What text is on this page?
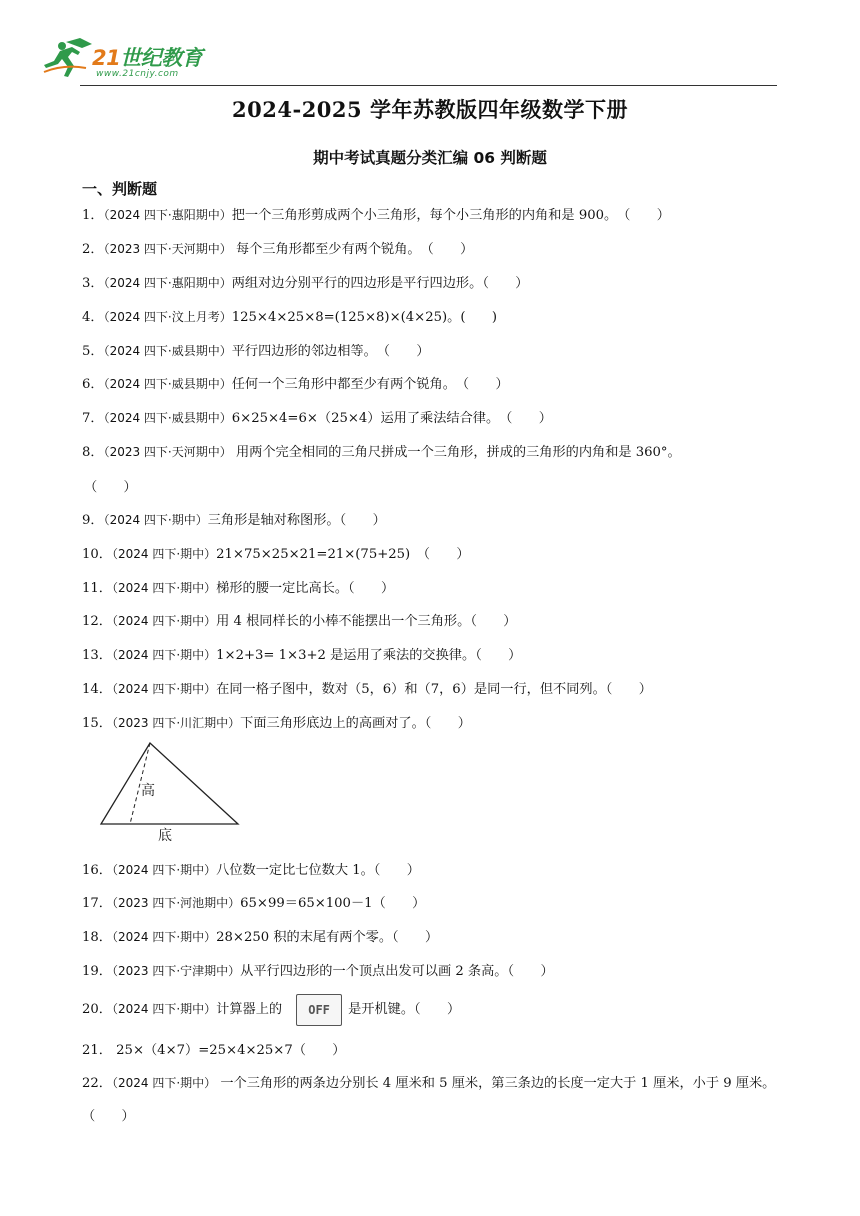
21世纪教育
www.21cnjy.com
2024-2025 学年苏教版四年级数学下册
期中考试真题分类汇编 06 判断题
一、判断题
1．（2024 四下·惠阳期中）把一个三角形剪成两个小三角形，每个小三角形的内角和是 900。　（　　）
2．（2023 四下·天河期中） 每个三角形都至少有两个锐角。　（　　）
3．（2024 四下·惠阳期中）两组对边分别平行的四边形是平行四边形。（　　）
4．（2024 四下·汶上月考）125×4×25×8=(125×8)×(4×25)。(　　)
5．（2024 四下·威县期中）平行四边形的邻边相等。　（　　）
6．（2024 四下·威县期中）任何一个三角形中都至少有两个锐角。　（　　）
7．（2024 四下·威县期中）6×25×4=6×（25×4）运用了乘法结合律。　（　　）
8．（2023 四下·天河期中） 用两个完全相同的三角尺拼成一个三角形，拼成的三角形的内角和是 360°。
（　　）
9．（2024 四下·期中）三角形是轴对称图形。（　　）
10．（2024 四下·期中）21×75×25×21=21×(75+25)　（　　）
11．（2024 四下·期中）梯形的腰一定比高长。（　　）
12．（2024 四下·期中）用 4 根同样长的小棒不能摆出一个三角形。（　　）
13．（2024 四下·期中）1×2+3= 1×3+2 是运用了乘法的交换律。（　　）
14．（2024 四下·期中）在同一格子图中，数对（5，6）和（7，6）是同一行，但不同列。（　　）
15．（2023 四下·川汇期中）下面三角形底边上的高画对了。（　　）
高
底
16．（2024 四下·期中）八位数一定比七位数大 1。（　　）
17．（2023 四下·河池期中）65×99＝65×100－1（　　）
18．（2024 四下·期中）28×250 积的末尾有两个零。（　　）
19．（2023 四下·宁津期中）从平行四边形的一个顶点出发可以画 2 条高。（　　）
20．（2024 四下·期中）计算器上的 OFF 是开机键。（　　）
21． 25×（4×7）=25×4×25×7（　　）
22．（2024 四下·期中） 一个三角形的两条边分别长 4 厘米和 5 厘米，第三条边的长度一定大于 1 厘米，小于 9 厘米。（　　）
